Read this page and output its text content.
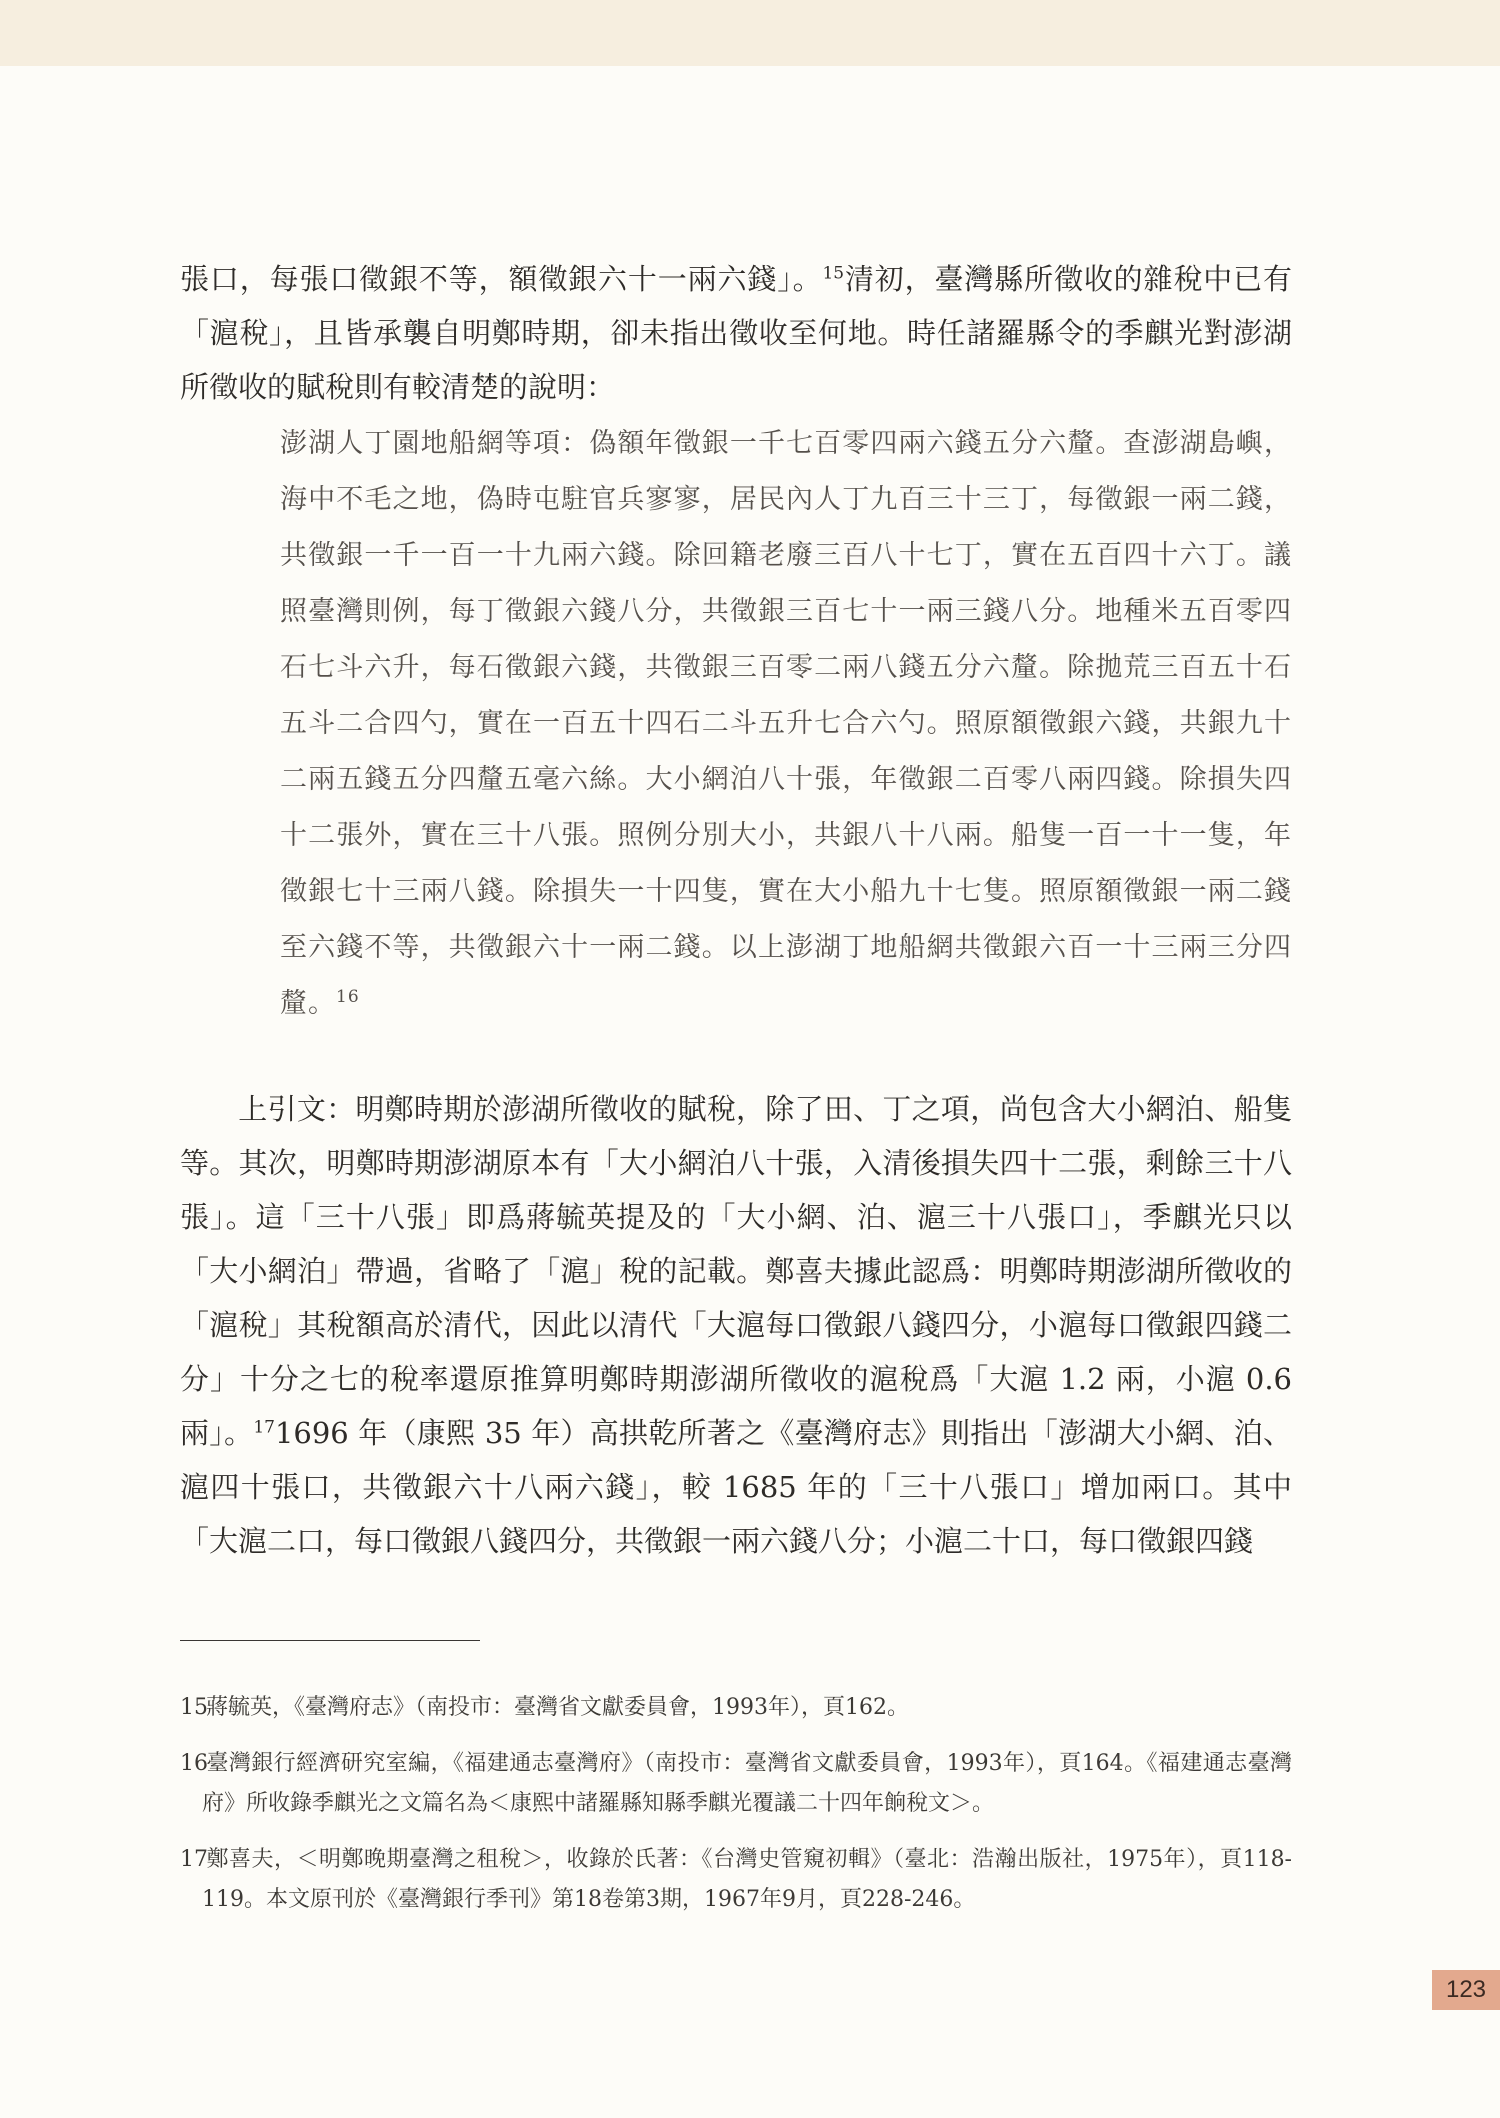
張口，每張口徵銀不等，額徵銀六十一兩六錢」。$^{15}$清初，臺灣縣所徵收的雜稅中已有「滬稅」，且皆承襲自明鄭時期，卻未指出徵收至何地。時任諸羅縣令的季麒光對澎湖所徵收的賦稅則有較清楚的說明：
澎湖人丁園地船網等項：偽額年徵銀一千七百零四兩六錢五分六釐。查澎湖島嶼，海中不毛之地，偽時屯駐官兵寥寥，居民內人丁九百三十三丁，每徵銀一兩二錢，共徵銀一千一百一十九兩六錢。除回籍老廢三百八十七丁，實在五百四十六丁。議照臺灣則例，每丁徵銀六錢八分，共徵銀三百七十一兩三錢八分。地種米五百零四石七斗六升，每石徵銀六錢，共徵銀三百零二兩八錢五分六釐。除拋荒三百五十石五斗二合四勺，實在一百五十四石二斗五升七合六勺。照原額徵銀六錢，共銀九十二兩五錢五分四釐五毫六絲。大小網泊八十張，年徵銀二百零八兩四錢。除損失四十二張外，實在三十八張。照例分別大小，共銀八十八兩。船隻一百一十一隻，年徵銀七十三兩八錢。除損失一十四隻，實在大小船九十七隻。照原額徵銀一兩二錢至六錢不等，共徵銀六十一兩二錢。以上澎湖丁地船網共徵銀六百一十三兩三分四釐。$^{16}$
上引文：明鄭時期於澎湖所徵收的賦稅，除了田、丁之項，尚包含大小網泊、船隻等。其次，明鄭時期澎湖原本有「大小網泊八十張，入清後損失四十二張，剩餘三十八張」。這「三十八張」即爲蔣毓英提及的「大小網、泊、滬三十八張口」，季麒光只以「大小網泊」帶過，省略了「滬」稅的記載。鄭喜夫據此認爲：明鄭時期澎湖所徵收的「滬稅」其稅額高於清代，因此以清代「大滬每口徵銀八錢四分，小滬每口徵銀四錢二分」十分之七的稅率還原推算明鄭時期澎湖所徵收的滬稅爲「大滬 1.2 兩，小滬 0.6 兩」。$^{17}$1696 年（康熙 35 年）高拱乾所著之《臺灣府志》則指出「澎湖大小網、泊、滬四十張口，共徵銀六十八兩六錢」，較 1685 年的「三十八張口」增加兩口。其中「大滬二口，每口徵銀八錢四分，共徵銀一兩六錢八分；小滬二十口，每口徵銀四錢
15蔣毓英，《臺灣府志》（南投市：臺灣省文獻委員會，1993年），頁162。
16臺灣銀行經濟研究室編，《福建通志臺灣府》（南投市：臺灣省文獻委員會，1993年），頁164。《福建通志臺灣府》所收錄季麒光之文篇名為＜康熙中諸羅縣知縣季麒光覆議二十四年餉稅文＞。
17鄭喜夫，＜明鄭晚期臺灣之租稅＞，收錄於氏著：《台灣史管窺初輯》（臺北：浩瀚出版社，1975年），頁118-119。本文原刊於《臺灣銀行季刊》第18卷第3期，1967年9月，頁228-246。
123
